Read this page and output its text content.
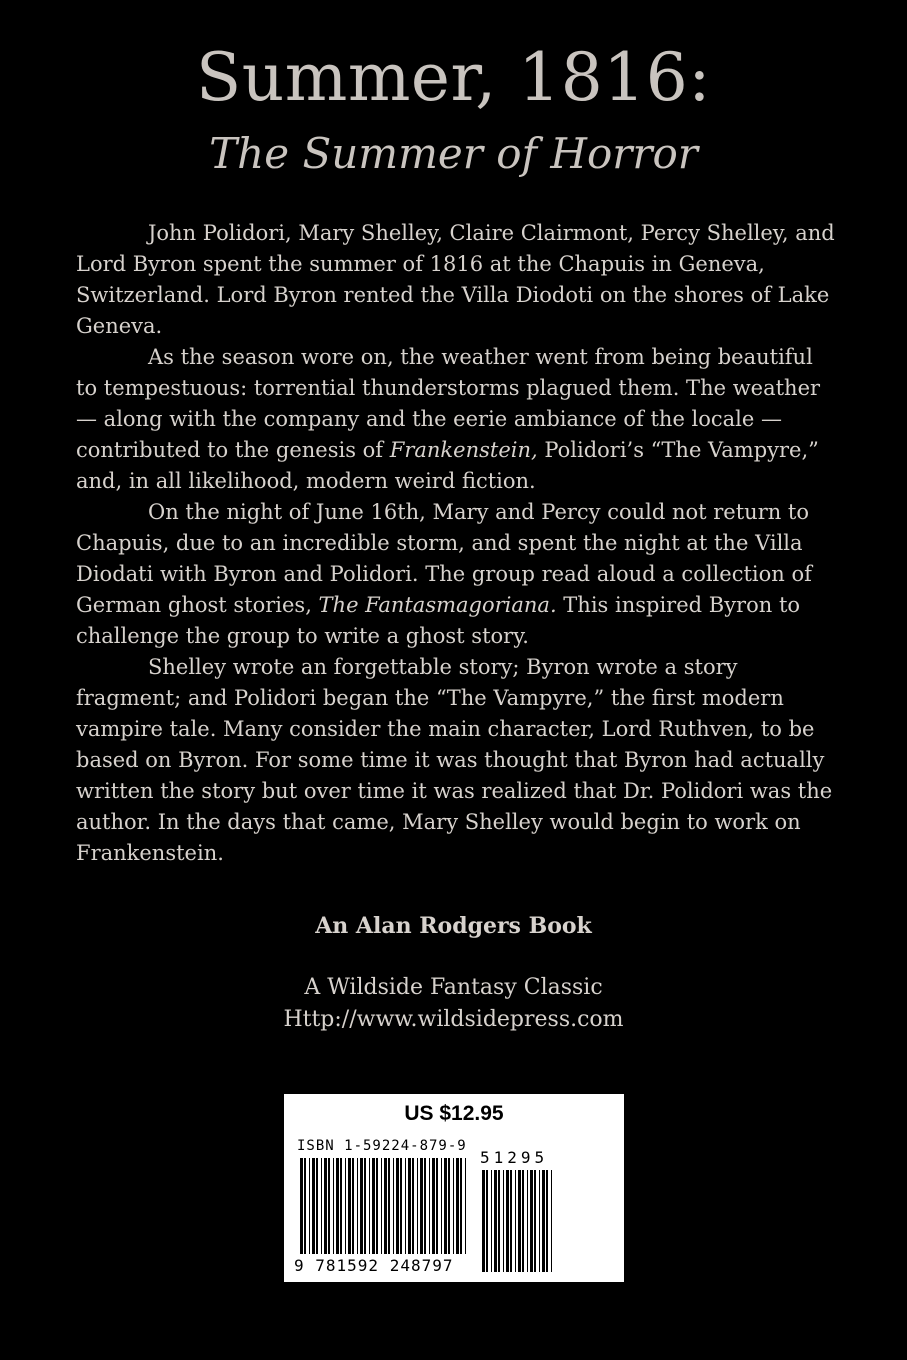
Summer, 1816:
The Summer of Horror

John Polidori, Mary Shelley, Claire Clairmont, Percy Shelley, and Lord Byron spent the summer of 1816 at the Chapuis in Geneva, Switzerland. Lord Byron rented the Villa Diodoti on the shores of Lake Geneva.

As the season wore on, the weather went from being beautiful to tempestuous: torrential thunderstorms plagued them. The weather — along with the company and the eerie ambiance of the locale — contributed to the genesis of Frankenstein, Polidori’s “The Vampyre,” and, in all likelihood, modern weird fiction.

On the night of June 16th, Mary and Percy could not return to Chapuis, due to an incredible storm, and spent the night at the Villa Diodati with Byron and Polidori. The group read aloud a collection of German ghost stories, The Fantasmagoriana. This inspired Byron to challenge the group to write a ghost story.

Shelley wrote an forgettable story; Byron wrote a story fragment; and Polidori began the “The Vampyre,” the first modern vampire tale. Many consider the main character, Lord Ruthven, to be based on Byron. For some time it was thought that Byron had actually written the story but over time it was realized that Dr. Polidori was the author. In the days that came, Mary Shelley would begin to work on Frankenstein.

An Alan Rodgers Book
A Wildside Fantasy Classic
Http://www.wildsidepress.com
US $12.95
ISBN 1-59224-879-9
51295
9 781592 248797
